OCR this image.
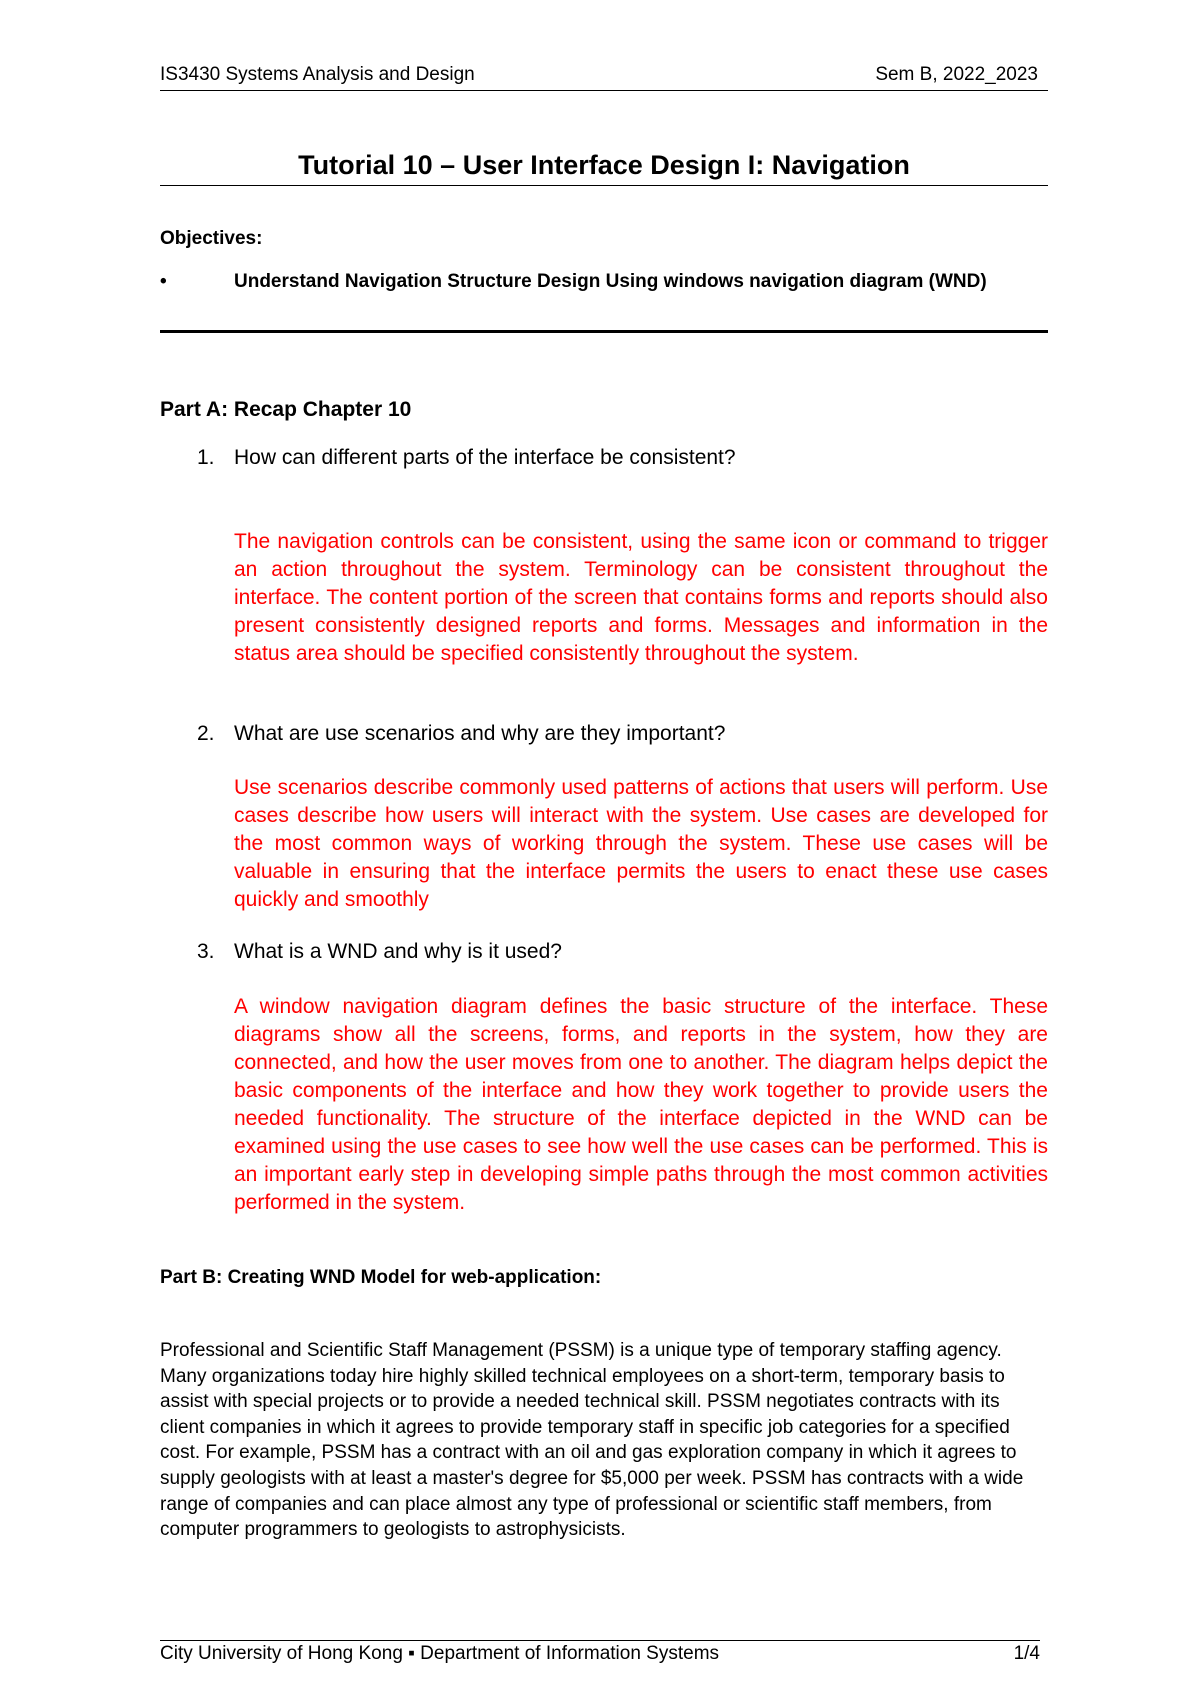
IS3430 Systems Analysis and Design	Sem B, 2022_2023
Tutorial 10 – User Interface Design I: Navigation
Objectives:
•	Understand Navigation Structure Design Using windows navigation diagram (WND)
Part A: Recap Chapter 10
1. How can different parts of the interface be consistent?
The navigation controls can be consistent, using the same icon or command to trigger an action throughout the system. Terminology can be consistent throughout the interface. The content portion of the screen that contains forms and reports should also present consistently designed reports and forms. Messages and information in the status area should be specified consistently throughout the system.
2. What are use scenarios and why are they important?
Use scenarios describe commonly used patterns of actions that users will perform. Use cases describe how users will interact with the system. Use cases are developed for the most common ways of working through the system. These use cases will be valuable in ensuring that the interface permits the users to enact these use cases quickly and smoothly
3. What is a WND and why is it used?
A window navigation diagram defines the basic structure of the interface. These diagrams show all the screens, forms, and reports in the system, how they are connected, and how the user moves from one to another. The diagram helps depict the basic components of the interface and how they work together to provide users the needed functionality. The structure of the interface depicted in the WND can be examined using the use cases to see how well the use cases can be performed. This is an important early step in developing simple paths through the most common activities performed in the system.
Part B: Creating WND Model for web-application:
Professional and Scientific Staff Management (PSSM) is a unique type of temporary staffing agency. Many organizations today hire highly skilled technical employees on a short-term, temporary basis to assist with special projects or to provide a needed technical skill. PSSM negotiates contracts with its client companies in which it agrees to provide temporary staff in specific job categories for a specified cost. For example, PSSM has a contract with an oil and gas exploration company in which it agrees to supply geologists with at least a master's degree for $5,000 per week. PSSM has contracts with a wide range of companies and can place almost any type of professional or scientific staff members, from computer programmers to geologists to astrophysicists.
City University of Hong Kong ▪ Department of Information Systems	1/4
